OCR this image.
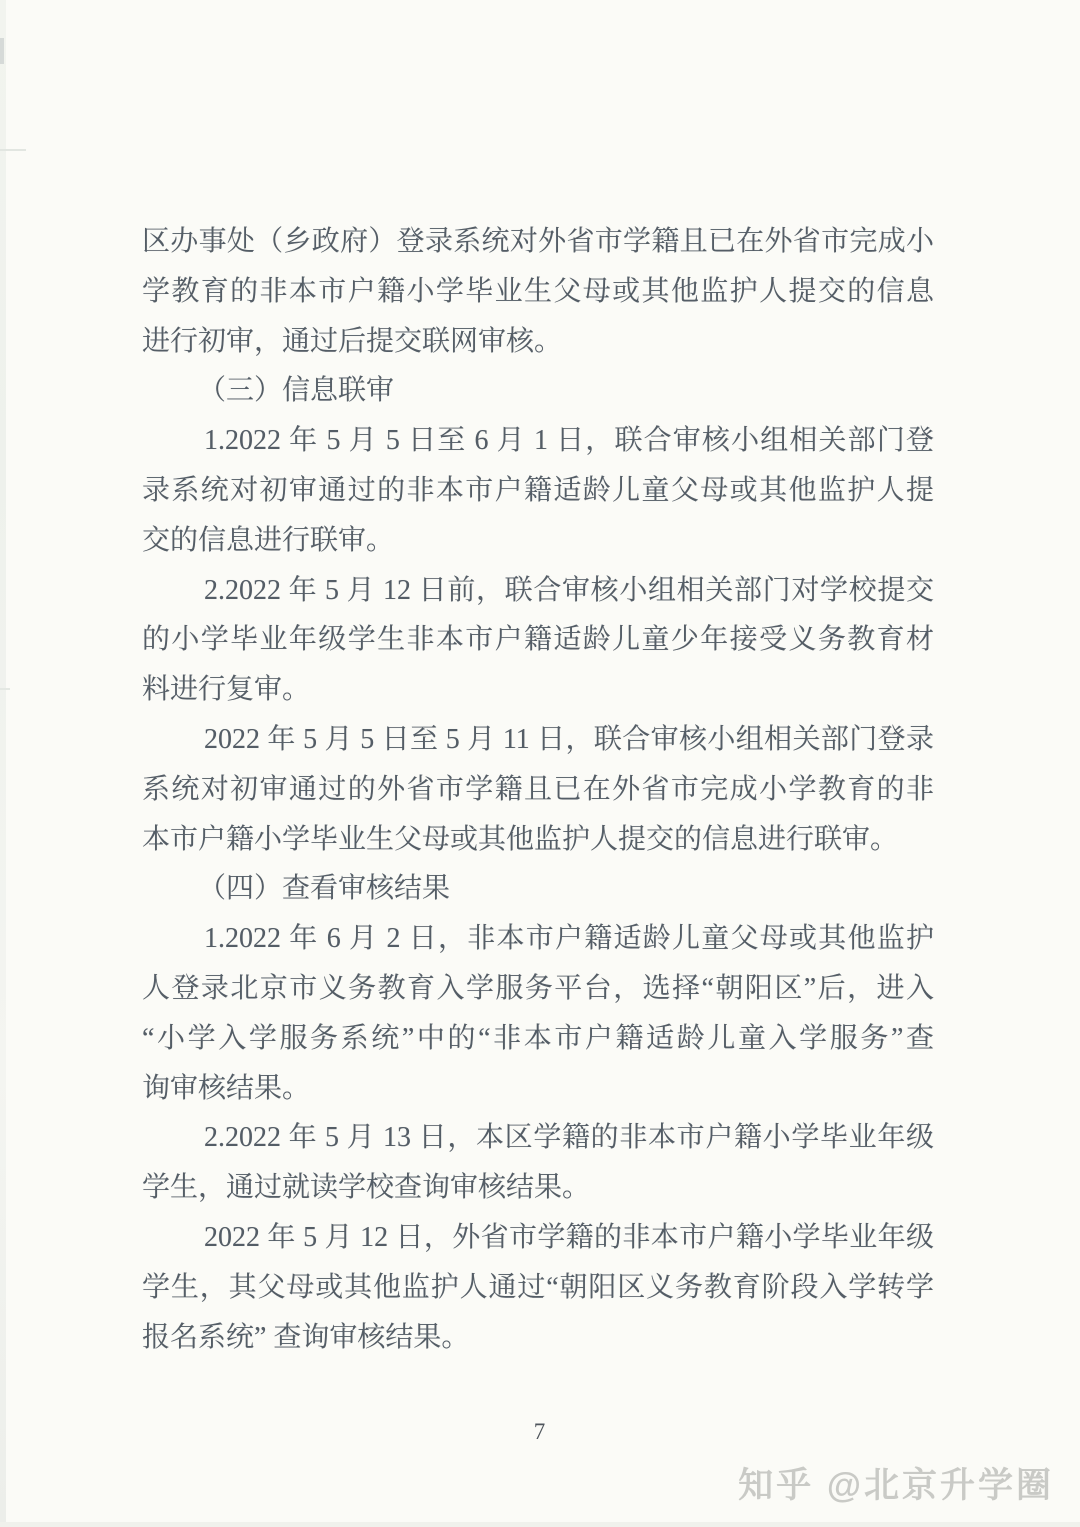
区办事处（乡政府）登录系统对外省市学籍且已在外省市完成小
学教育的非本市户籍小学毕业生父母或其他监护人提交的信息
进行初审，通过后提交联网审核。
（三）信息联审
1.2022 年 5 月 5 日至 6 月 1 日，联合审核小组相关部门登
录系统对初审通过的非本市户籍适龄儿童父母或其他监护人提
交的信息进行联审。
2.2022 年 5 月 12 日前，联合审核小组相关部门对学校提交
的小学毕业年级学生非本市户籍适龄儿童少年接受义务教育材
料进行复审。
2022 年 5 月 5 日至 5 月 11 日，联合审核小组相关部门登录
系统对初审通过的外省市学籍且已在外省市完成小学教育的非
本市户籍小学毕业生父母或其他监护人提交的信息进行联审。
（四）查看审核结果
1.2022 年 6 月 2 日，非本市户籍适龄儿童父母或其他监护
人登录北京市义务教育入学服务平台，选择“朝阳区”后，进入
“小学入学服务系统”中的“非本市户籍适龄儿童入学服务”查
询审核结果。
2.2022 年 5 月 13 日，本区学籍的非本市户籍小学毕业年级
学生，通过就读学校查询审核结果。
2022 年 5 月 12 日，外省市学籍的非本市户籍小学毕业年级
学生，其父母或其他监护人通过“朝阳区义务教育阶段入学转学
报名系统” 查询审核结果。
7
知乎 @北京升学圈
